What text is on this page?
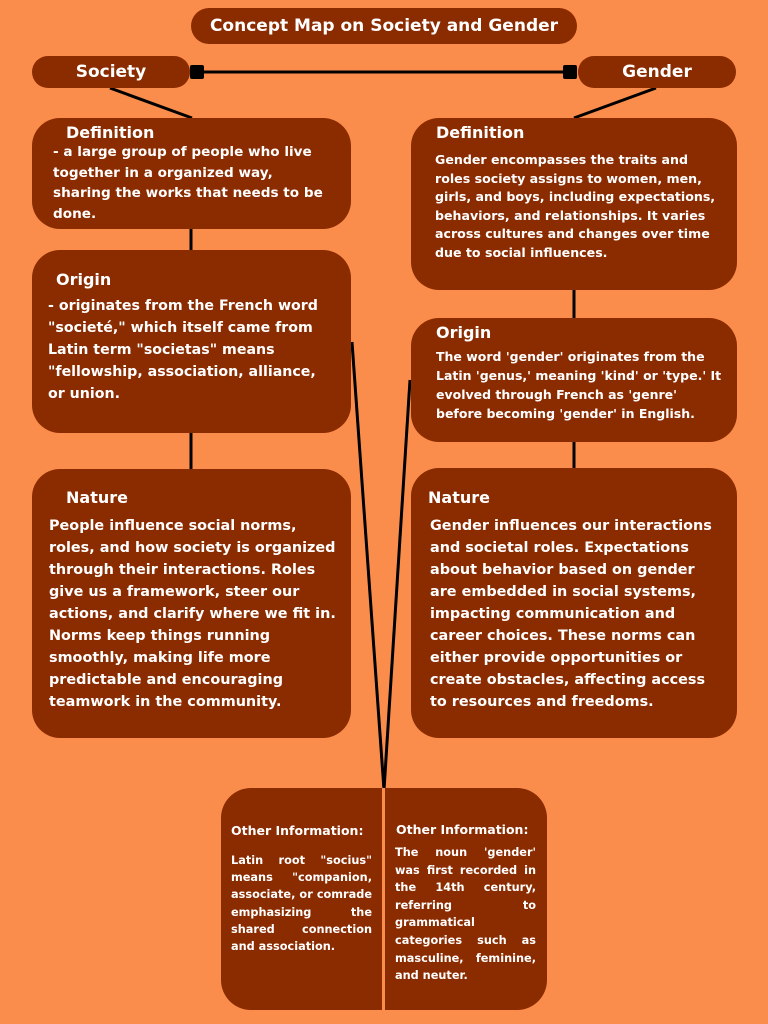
Concept Map on Society and Gender
Society	Gender
Definition
- a large group of people who live together in a organized way, sharing the works that needs to be done.
Origin
- originates from the French word "societé," which itself came from Latin term "societas" means "fellowship, association, alliance, or union.
Nature
People influence social norms, roles, and how society is organized through their interactions. Roles give us a framework, steer our actions, and clarify where we fit in. Norms keep things running smoothly, making life more predictable and encouraging teamwork in the community.
Definition
Gender encompasses the traits and roles society assigns to women, men, girls, and boys, including expectations, behaviors, and relationships. It varies across cultures and changes over time due to social influences.
Origin
The word 'gender' originates from the Latin 'genus,' meaning 'kind' or 'type.' It evolved through French as 'genre' before becoming 'gender' in English.
Nature
Gender influences our interactions and societal roles. Expectations about behavior based on gender are embedded in social systems, impacting communication and career choices. These norms can either provide opportunities or create obstacles, affecting access to resources and freedoms.
Other Information:
Latin root "socius" means "companion, associate, or comrade emphasizing the shared connection and association.
Other Information:
The noun 'gender' was first recorded in the 14th century, referring to grammatical categories such as masculine, feminine, and neuter.
